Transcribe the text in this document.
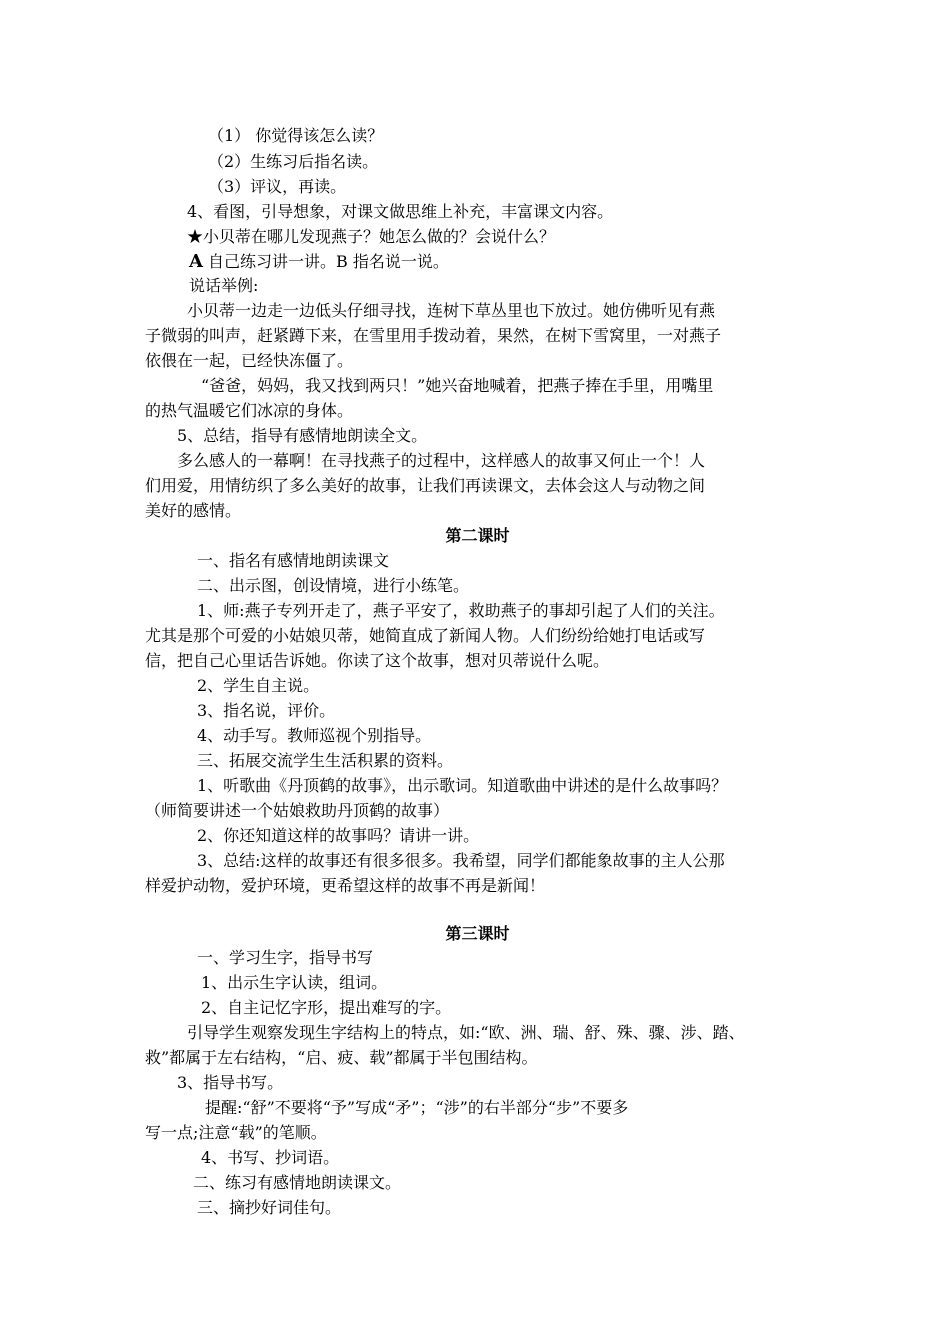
（1） 你觉得该怎么读？
（2）生练习后指名读。
（3）评议，再读。
4、看图，引导想象，对课文做思维上补充，丰富课文内容。
★小贝蒂在哪儿发现燕子？她怎么做的？会说什么？
A 自己练习讲一讲。B 指名说一说。
说话举例:
小贝蒂一边走一边低头仔细寻找，连树下草丛里也下放过。她仿佛听见有燕
子微弱的叫声，赶紧蹲下来，在雪里用手拨动着，果然，在树下雪窝里，一对燕子
依偎在一起，已经快冻僵了。
“爸爸，妈妈，我又找到两只！”她兴奋地喊着，把燕子捧在手里，用嘴里
的热气温暖它们冰凉的身体。
5、总结，指导有感情地朗读全文。
多么感人的一幕啊！在寻找燕子的过程中，这样感人的故事又何止一个！人
们用爱，用情纺织了多么美好的故事，让我们再读课文，去体会这人与动物之间
美好的感情。
第二课时
一、指名有感情地朗读课文
二、出示图，创设情境，进行小练笔。
1、师:燕子专列开走了，燕子平安了，救助燕子的事却引起了人们的关注。
尤其是那个可爱的小姑娘贝蒂，她简直成了新闻人物。人们纷纷给她打电话或写
信，把自己心里话告诉她。你读了这个故事，想对贝蒂说什么呢。
2、学生自主说。
3、指名说，评价。
4、动手写。教师巡视个别指导。
三、拓展交流学生生活积累的资料。
1、听歌曲《丹顶鹤的故事》，出示歌词。知道歌曲中讲述的是什么故事吗？
（师简要讲述一个姑娘救助丹顶鹤的故事）
2、你还知道这样的故事吗？请讲一讲。
3、总结:这样的故事还有很多很多。我希望，同学们都能象故事的主人公那
样爱护动物，爱护环境，更希望这样的故事不再是新闻！
第三课时
一、学习生字，指导书写
1、出示生字认读，组词。
2、自主记忆字形，提出难写的字。
引导学生观察发现生字结构上的特点，如:“欧、洲、瑞、舒、殊、骤、涉、踏、
救”都属于左右结构，“启、疲、载”都属于半包围结构。
3、指导书写。
提醒:“舒”不要将“予”写成“矛”；“涉”的右半部分“步”不要多
写一点;注意“载”的笔顺。
4、书写、抄词语。
二、练习有感情地朗读课文。
三、摘抄好词佳句。
